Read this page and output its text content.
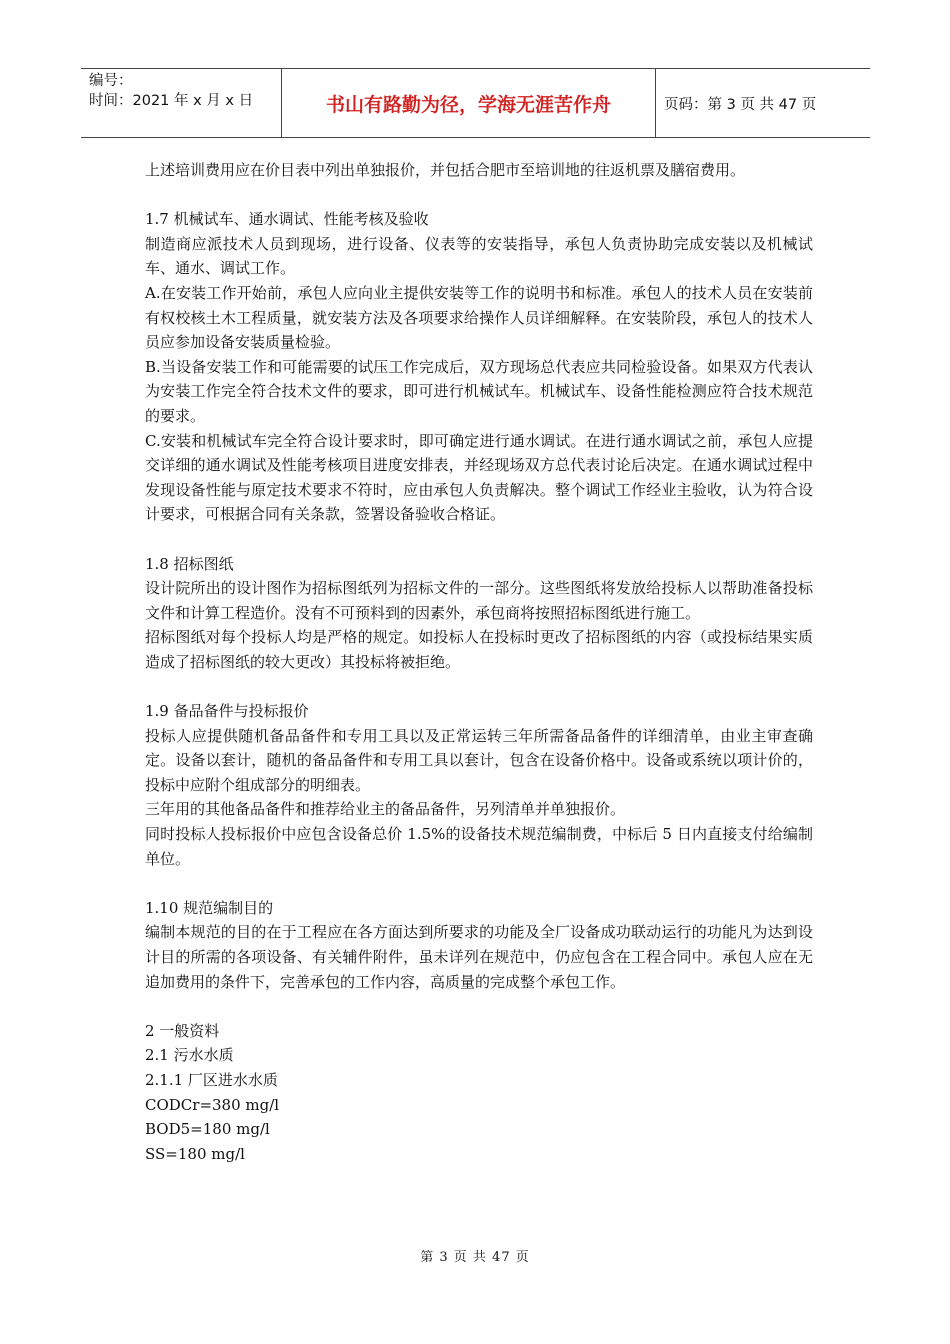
编号：
时间：2021 年 x 月 x 日	书山有路勤为径，学海无涯苦作舟	页码：第 3 页 共 47 页

上述培训费用应在价目表中列出单独报价，并包括合肥市至培训地的往返机票及膳宿费用。

1.7 机械试车、通水调试、性能考核及验收

制造商应派技术人员到现场，进行设备、仪表等的安装指导，承包人负责协助完成安装以及机械试车、通水、调试工作。

A.在安装工作开始前，承包人应向业主提供安装等工作的说明书和标准。承包人的技术人员在安装前有权校核土木工程质量，就安装方法及各项要求给操作人员详细解释。在安装阶段，承包人的技术人员应参加设备安装质量检验。

B.当设备安装工作和可能需要的试压工作完成后，双方现场总代表应共同检验设备。如果双方代表认为安装工作完全符合技术文件的要求，即可进行机械试车。机械试车、设备性能检测应符合技术规范的要求。

C.安装和机械试车完全符合设计要求时，即可确定进行通水调试。在进行通水调试之前，承包人应提交详细的通水调试及性能考核项目进度安排表，并经现场双方总代表讨论后决定。在通水调试过程中发现设备性能与原定技术要求不符时，应由承包人负责解决。整个调试工作经业主验收，认为符合设计要求，可根据合同有关条款，签署设备验收合格证。

1.8 招标图纸

设计院所出的设计图作为招标图纸列为招标文件的一部分。这些图纸将发放给投标人以帮助准备投标文件和计算工程造价。没有不可预料到的因素外，承包商将按照招标图纸进行施工。

招标图纸对每个投标人均是严格的规定。如投标人在投标时更改了招标图纸的内容（或投标结果实质造成了招标图纸的较大更改）其投标将被拒绝。

1.9 备品备件与投标报价

投标人应提供随机备品备件和专用工具以及正常运转三年所需备品备件的详细清单，由业主审查确定。设备以套计，随机的备品备件和专用工具以套计，包含在设备价格中。设备或系统以项计价的，投标中应附个组成部分的明细表。

三年用的其他备品备件和推荐给业主的备品备件，另列清单并单独报价。

同时投标人投标报价中应包含设备总价 1.5%的设备技术规范编制费，中标后 5 日内直接支付给编制单位。

1.10 规范编制目的

编制本规范的目的在于工程应在各方面达到所要求的功能及全厂设备成功联动运行的功能凡为达到设计目的所需的各项设备、有关辅件附件，虽未详列在规范中，仍应包含在工程合同中。承包人应在无追加费用的条件下，完善承包的工作内容，高质量的完成整个承包工作。

2 一般资料

2.1 污水水质

2.1.1 厂区进水水质

CODCr=380 mg/l

BOD5=180 mg/l

SS=180 mg/l

第 3 页 共 47 页
